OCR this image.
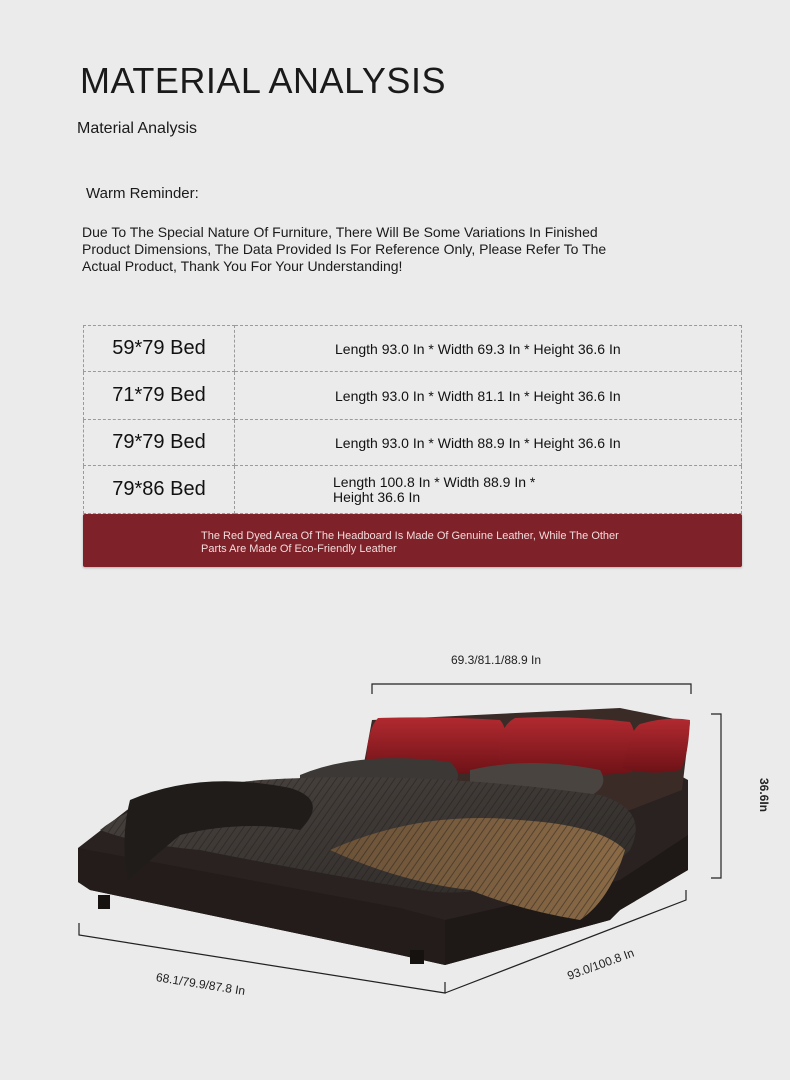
MATERIAL ANALYSIS
Material Analysis
Warm Reminder:

Due To The Special Nature Of Furniture, There Will Be Some Variations In Finished Product Dimensions, The Data Provided Is For Reference Only, Please Refer To The Actual Product, Thank You For Your Understanding!

59*79 Bed	Length 93.0 In * Width 69.3 In * Height 36.6 In
71*79 Bed	Length 93.0 In * Width 81.1 In * Height 36.6 In
79*79 Bed	Length 93.0 In * Width 88.9 In * Height 36.6 In
79*86 Bed	Length 100.8 In * Width 88.9 In * Height 36.6 In
The Red Dyed Area Of The Headboard Is Made Of Genuine Leather, While The Other Parts Are Made Of Eco-Friendly Leather
69.3/81.1/88.9 In
36.6In
68.1/79.9/87.8 In
93.0/100.8 In
